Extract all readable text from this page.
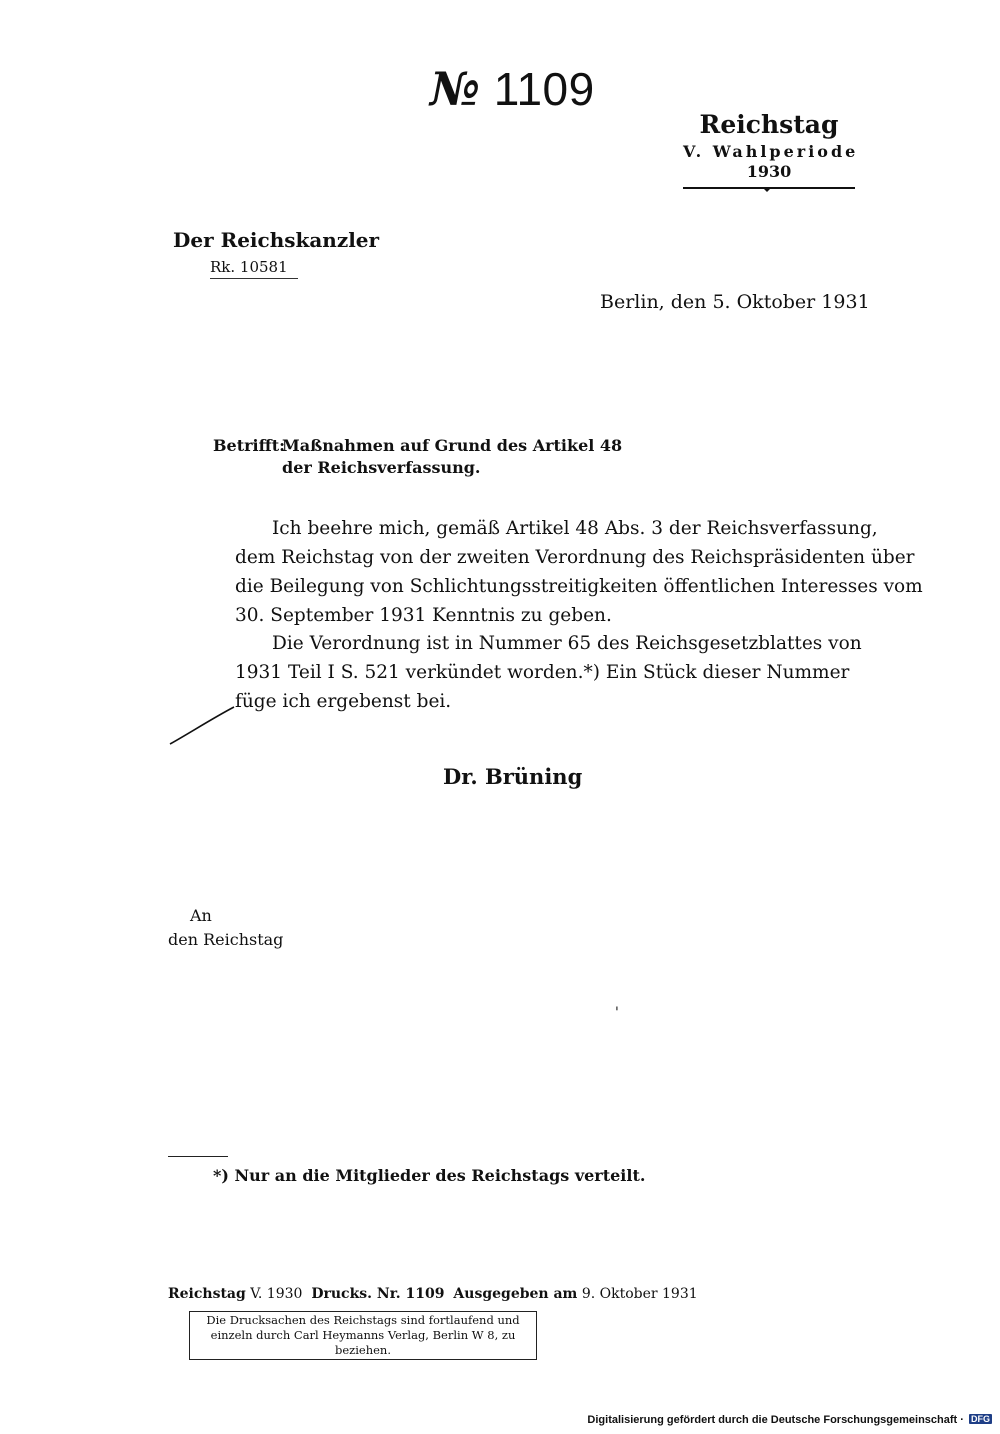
№ 1109
Reichstag
V. Wahlperiode
1930
Der Reichskanzler
Rk. 10581
Berlin, den 5. Oktober 1931
Betrifft:
Maßnahmen auf Grund des Artikel 48
der Reichsverfassung.
Ich beehre mich, gemäß Artikel 48 Abs. 3 der Reichsverfassung,
dem Reichstag von der zweiten Verordnung des Reichspräsidenten über
die Beilegung von Schlichtungsstreitigkeiten öffentlichen Interesses vom
30. September 1931 Kenntnis zu geben.
Die Verordnung ist in Nummer 65 des Reichsgesetzblattes von
1931 Teil I S. 521 verkündet worden.*) Ein Stück dieser Nummer
füge ich ergebenst bei.
Dr. Brüning
An
den Reichstag
'
*) Nur an die Mitglieder des Reichstags verteilt.
Reichstag V. 1930 Drucks. Nr. 1109 Ausgegeben am 9. Oktober 1931
Die Drucksachen des Reichstags sind fortlaufend und einzeln durch Carl Heymanns Verlag, Berlin W 8, zu beziehen.
Digitalisierung gefördert durch die Deutsche Forschungsgemeinschaft · DFG
